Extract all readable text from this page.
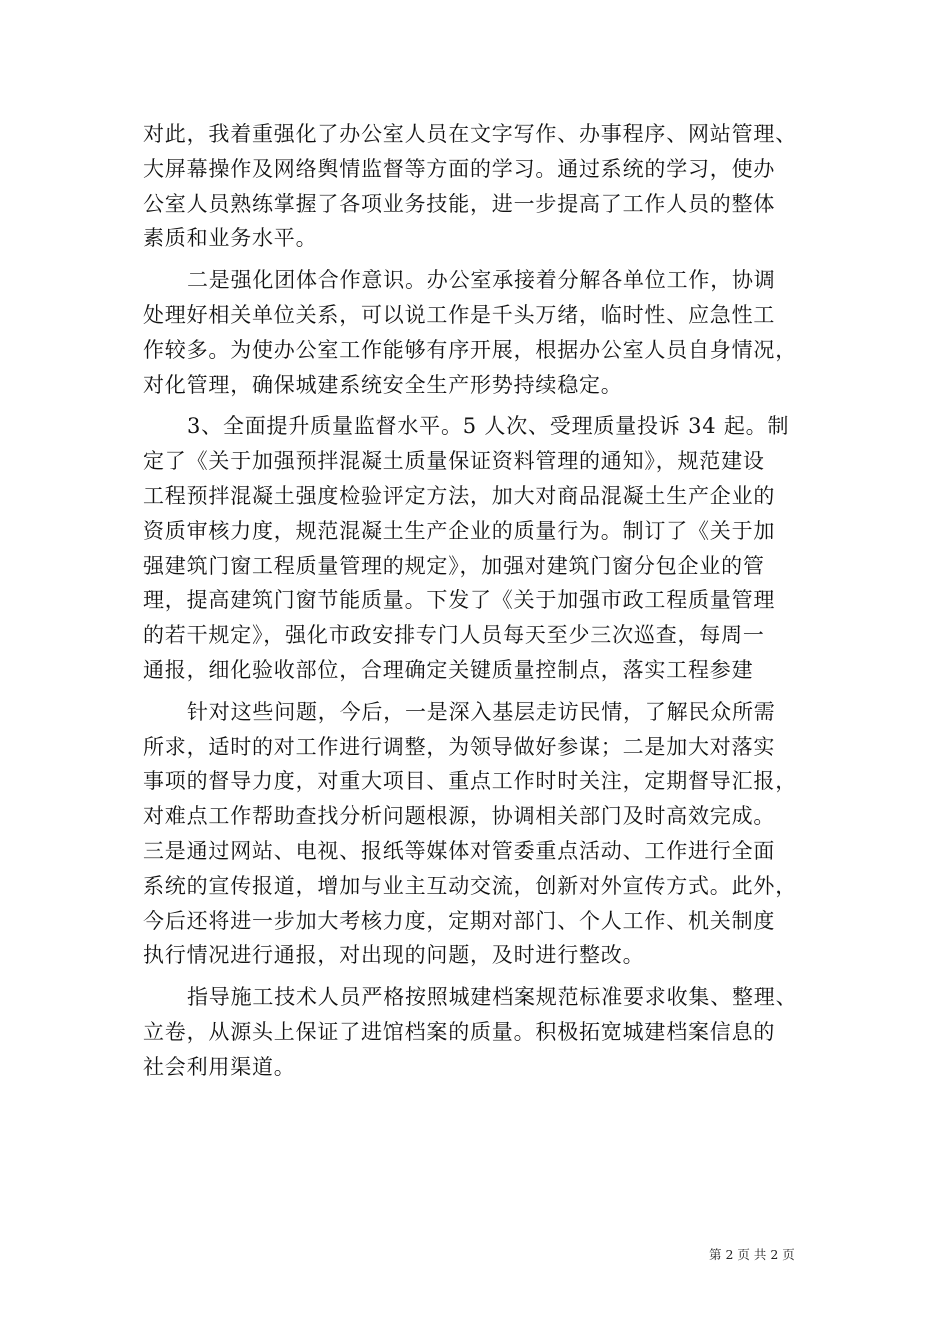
对此，我着重强化了办公室人员在文字写作、办事程序、网站管理、
大屏幕操作及网络舆情监督等方面的学习。通过系统的学习，使办
公室人员熟练掌握了各项业务技能，进一步提高了工作人员的整体
素质和业务水平。
二是强化团体合作意识。办公室承接着分解各单位工作，协调
处理好相关单位关系，可以说工作是千头万绪，临时性、应急性工
作较多。为使办公室工作能够有序开展，根据办公室人员自身情况，
对化管理，确保城建系统安全生产形势持续稳定。
3、全面提升质量监督水平。5 人次、受理质量投诉 34 起。制
定了《关于加强预拌混凝土质量保证资料管理的通知》，规范建设
工程预拌混凝土强度检验评定方法，加大对商品混凝土生产企业的
资质审核力度，规范混凝土生产企业的质量行为。制订了《关于加
强建筑门窗工程质量管理的规定》，加强对建筑门窗分包企业的管
理，提高建筑门窗节能质量。下发了《关于加强市政工程质量管理
的若干规定》，强化市政安排专门人员每天至少三次巡查，每周一
通报，细化验收部位，合理确定关键质量控制点，落实工程参建
针对这些问题，今后，一是深入基层走访民情，了解民众所需
所求，适时的对工作进行调整，为领导做好参谋；二是加大对落实
事项的督导力度，对重大项目、重点工作时时关注，定期督导汇报，
对难点工作帮助查找分析问题根源，协调相关部门及时高效完成。
三是通过网站、电视、报纸等媒体对管委重点活动、工作进行全面
系统的宣传报道，增加与业主互动交流，创新对外宣传方式。此外，
今后还将进一步加大考核力度，定期对部门、个人工作、机关制度
执行情况进行通报，对出现的问题，及时进行整改。
指导施工技术人员严格按照城建档案规范标准要求收集、整理、
立卷，从源头上保证了进馆档案的质量。积极拓宽城建档案信息的
社会利用渠道。
第 2 页 共 2 页
